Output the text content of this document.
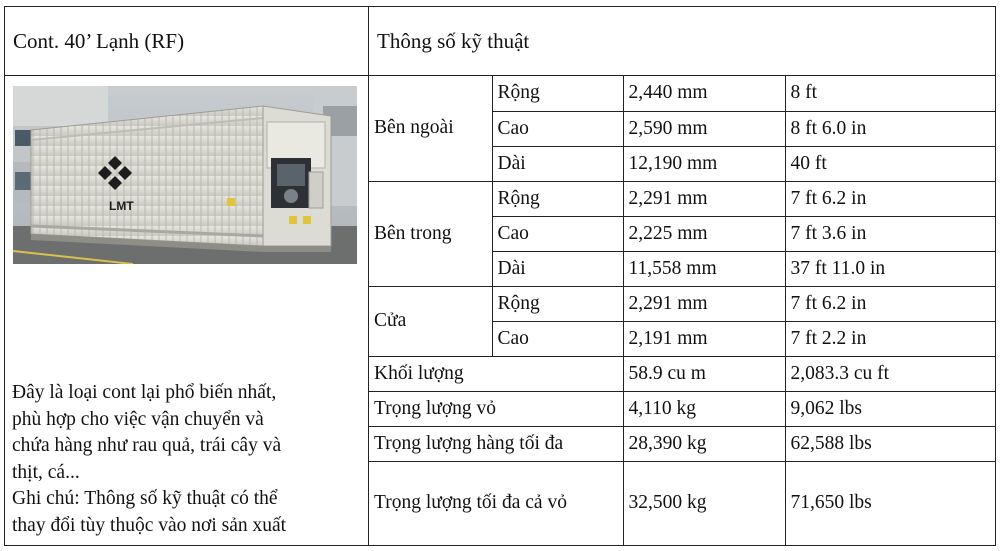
Cont. 40’ Lạnh (RF)	Thông số kỹ thuật

LMT

Đây là loại cont lại phổ biến nhất,

phù hợp cho việc vận chuyển và

chứa hàng như rau quả, trái cây và

thịt, cá...

Ghi chú: Thông số kỹ thuật có thể

thay đổi tùy thuộc vào nơi sản xuất

Bên ngoài	Rộng	2,440 mm	8 ft
Cao	2,590 mm	8 ft 6.0 in
Dài	12,190 mm	40 ft
Bên trong	Rộng	2,291 mm	7 ft 6.2 in
Cao	2,225 mm	7 ft 3.6 in
Dài	11,558 mm	37 ft 11.0 in
Cửa	Rộng	2,291 mm	7 ft 6.2 in
Cao	2,191 mm	7 ft 2.2 in
Khối lượng	58.9 cu m	2,083.3 cu ft
Trọng lượng vỏ	4,110 kg	9,062 lbs
Trọng lượng hàng tối đa	28,390 kg	62,588 lbs
Trọng lượng tối đa cả vỏ	32,500 kg	71,650 lbs
